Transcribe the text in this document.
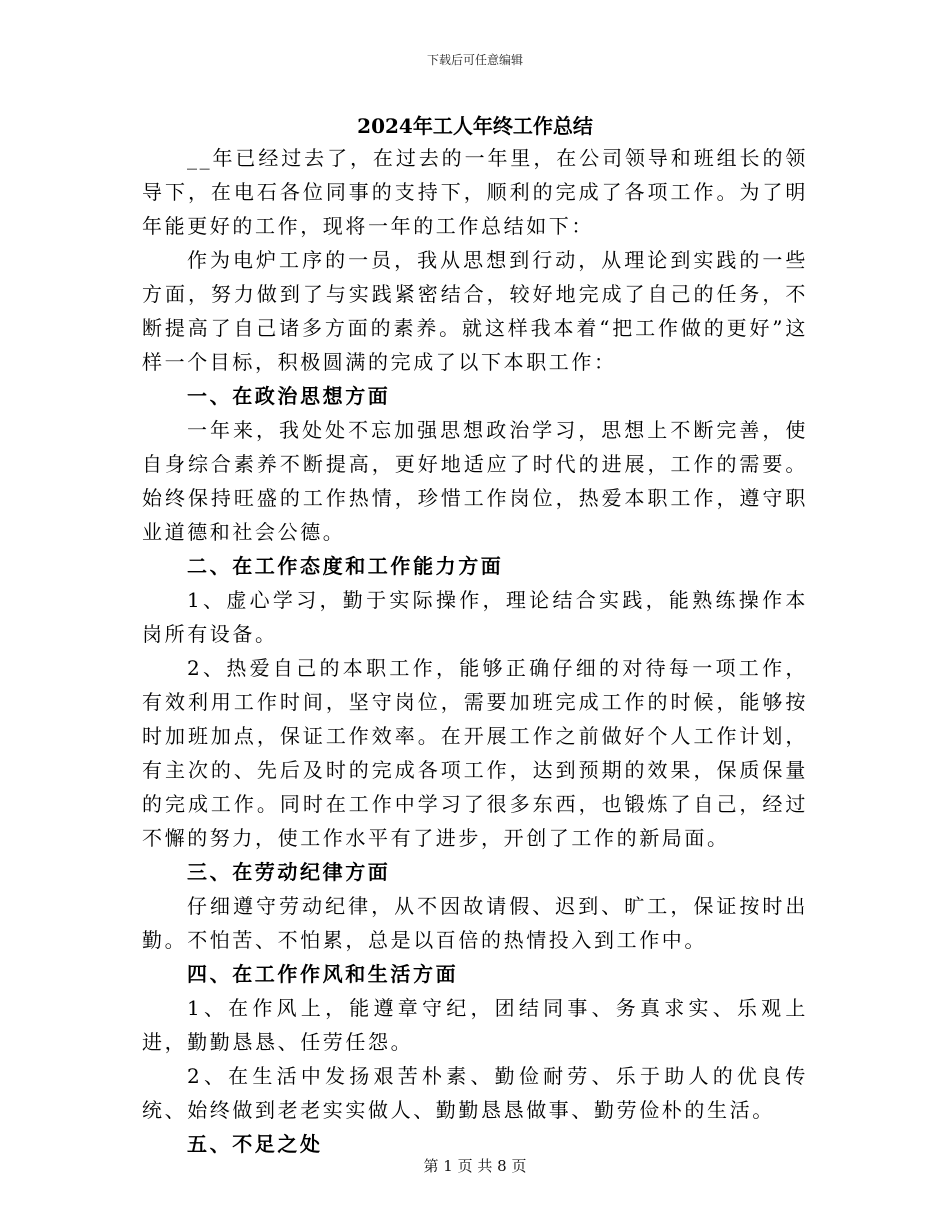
下载后可任意编辑
2024年工人年终工作总结

__年已经过去了，在过去的一年里，在公司领导和班组长的领导下，在电石各位同事的支持下，顺利的完成了各项工作。为了明年能更好的工作，现将一年的工作总结如下：

作为电炉工序的一员，我从思想到行动，从理论到实践的一些方面，努力做到了与实践紧密结合，较好地完成了自己的任务，不断提高了自己诸多方面的素养。就这样我本着“把工作做的更好”这样一个目标，积极圆满的完成了以下本职工作：

一、在政治思想方面

一年来，我处处不忘加强思想政治学习，思想上不断完善，使自身综合素养不断提高，更好地适应了时代的进展，工作的需要。始终保持旺盛的工作热情，珍惜工作岗位，热爱本职工作，遵守职业道德和社会公德。

二、在工作态度和工作能力方面

1、虚心学习，勤于实际操作，理论结合实践，能熟练操作本岗所有设备。

2、热爱自己的本职工作，能够正确仔细的对待每一项工作，有效利用工作时间，坚守岗位，需要加班完成工作的时候，能够按时加班加点，保证工作效率。在开展工作之前做好个人工作计划，有主次的、先后及时的完成各项工作，达到预期的效果，保质保量的完成工作。同时在工作中学习了很多东西，也锻炼了自己，经过不懈的努力，使工作水平有了进步，开创了工作的新局面。

三、在劳动纪律方面

仔细遵守劳动纪律，从不因故请假、迟到、旷工，保证按时出勤。不怕苦、不怕累，总是以百倍的热情投入到工作中。

四、在工作作风和生活方面

1、在作风上，能遵章守纪，团结同事、务真求实、乐观上进，勤勤恳恳、任劳任怨。

2、在生活中发扬艰苦朴素、勤俭耐劳、乐于助人的优良传统、始终做到老老实实做人、勤勤恳恳做事、勤劳俭朴的生活。

五、不足之处

第 1 页 共 8 页
